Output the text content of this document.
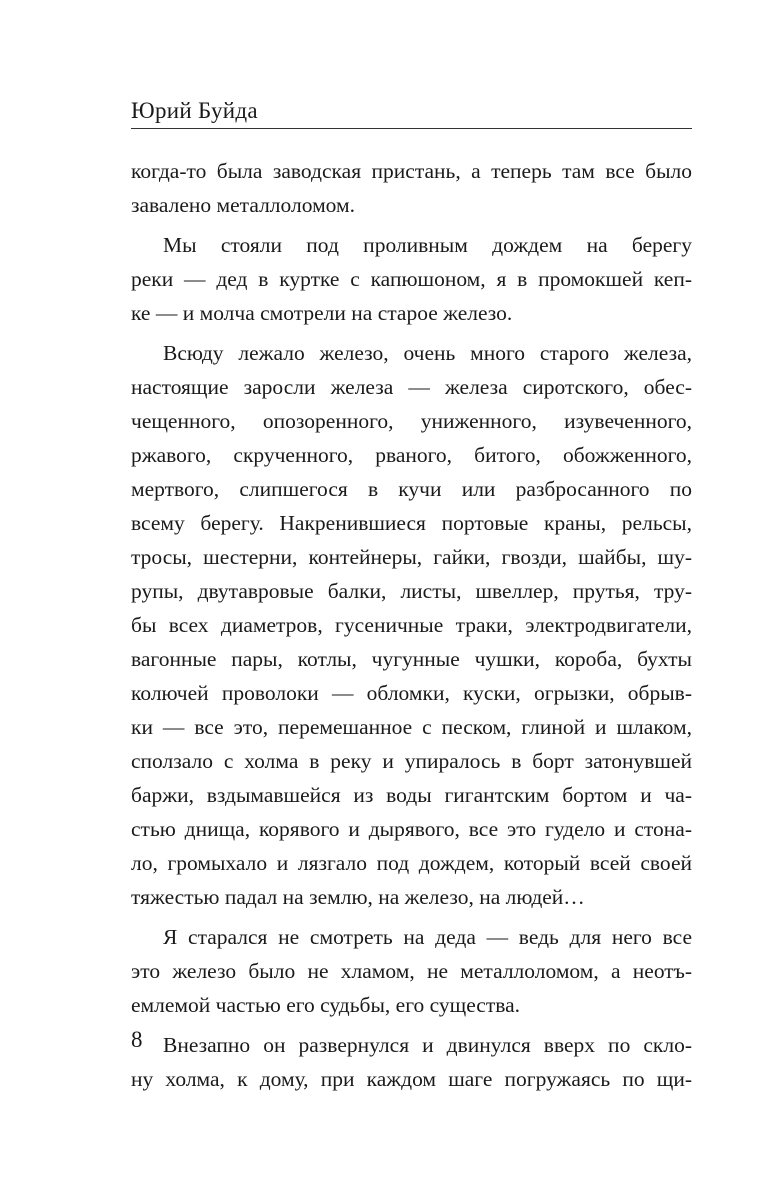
Юрий Буйда
когда-то была заводская пристань, а теперь там все было
завалено металлоломом.
Мы стояли под проливным дождем на берегу
реки — дед в куртке с капюшоном, я в промокшей кеп-
ке — и молча смотрели на старое железо.
Всюду лежало железо, очень много старого железа,
настоящие заросли железа — железа сиротского, обес-
чещенного, опозоренного, униженного, изувеченного,
ржавого, скрученного, рваного, битого, обожженного,
мертвого, слипшегося в кучи или разбросанного по
всему берегу. Накренившиеся портовые краны, рельсы,
тросы, шестерни, контейнеры, гайки, гвозди, шайбы, шу-
рупы, двутавровые балки, листы, швеллер, прутья, тру-
бы всех диаметров, гусеничные траки, электродвигатели,
вагонные пары, котлы, чугунные чушки, короба, бухты
колючей проволоки — обломки, куски, огрызки, обрыв-
ки — все это, перемешанное с песком, глиной и шлаком,
сползало с холма в реку и упиралось в борт затонувшей
баржи, вздымавшейся из воды гигантским бортом и ча-
стью днища, корявого и дырявого, все это гудело и стона-
ло, громыхало и лязгало под дождем, который всей своей
тяжестью падал на землю, на железо, на людей…
Я старался не смотреть на деда — ведь для него все
это железо было не хламом, не металлоломом, а неотъ-
емлемой частью его судьбы, его существа.
Внезапно он развернулся и двинулся вверх по скло-
ну холма, к дому, при каждом шаге погружаясь по щи-
8
